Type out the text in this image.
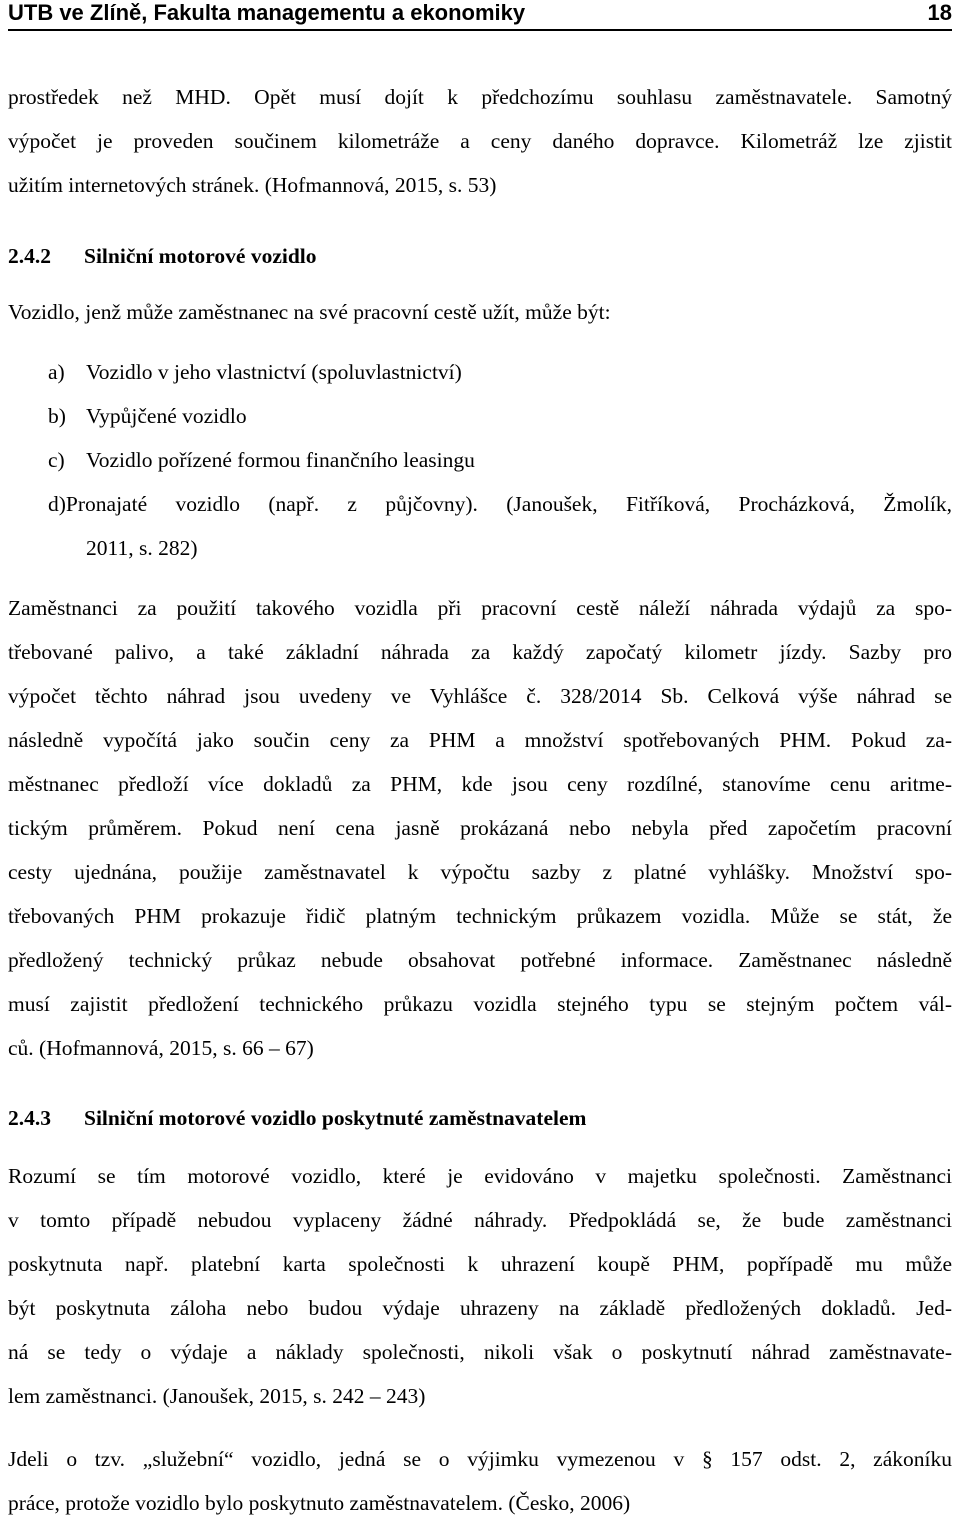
UTB ve Zlíně, Fakulta managementu a ekonomiky	18
prostředek než MHD. Opět musí dojít k předchozímu souhlasu zaměstnavatele. Samotný
výpočet je proveden součinem kilometráže a ceny daného dopravce. Kilometráž lze zjistit
užitím internetových stránek. (Hofmannová, 2015, s. 53)
2.4.2 Silniční motorové vozidlo
Vozidlo, jenž může zaměstnanec na své pracovní cestě užít, může být:
a) Vozidlo v jeho vlastnictví (spoluvlastnictví)
b) Vypůjčené vozidlo
c) Vozidlo pořízené formou finančního leasingu
d)Pronajaté vozidlo (např. z půjčovny). (Janoušek, Fitříková, Procházková, Žmolík,
2011, s. 282)
Zaměstnanci za použití takového vozidla při pracovní cestě náleží náhrada výdajů za spo-
třebované palivo, a také základní náhrada za každý započatý kilometr jízdy. Sazby pro
výpočet těchto náhrad jsou uvedeny ve Vyhlášce č. 328/2014 Sb. Celková výše náhrad se
následně vypočítá jako součin ceny za PHM a množství spotřebovaných PHM. Pokud za-
městnanec předloží více dokladů za PHM, kde jsou ceny rozdílné, stanovíme cenu aritme-
tickým průměrem. Pokud není cena jasně prokázaná nebo nebyla před započetím pracovní
cesty ujednána, použije zaměstnavatel k výpočtu sazby z platné vyhlášky. Množství spo-
třebovaných PHM prokazuje řidič platným technickým průkazem vozidla. Může se stát, že
předložený technický průkaz nebude obsahovat potřebné informace. Zaměstnanec následně
musí zajistit předložení technického průkazu vozidla stejného typu se stejným počtem vál-
ců. (Hofmannová, 2015, s. 66 – 67)
2.4.3 Silniční motorové vozidlo poskytnuté zaměstnavatelem
Rozumí se tím motorové vozidlo, které je evidováno v majetku společnosti. Zaměstnanci
v tomto případě nebudou vyplaceny žádné náhrady. Předpokládá se, že bude zaměstnanci
poskytnuta např. platební karta společnosti k uhrazení koupě PHM, popřípadě mu může
být poskytnuta záloha nebo budou výdaje uhrazeny na základě předložených dokladů. Jed-
ná se tedy o výdaje a náklady společnosti, nikoli však o poskytnutí náhrad zaměstnavate-
lem zaměstnanci. (Janoušek, 2015, s. 242 – 243)
Jdeli o tzv. „služební“ vozidlo, jedná se o výjimku vymezenou v § 157 odst. 2, zákoníku
práce, protože vozidlo bylo poskytnuto zaměstnavatelem. (Česko, 2006)
